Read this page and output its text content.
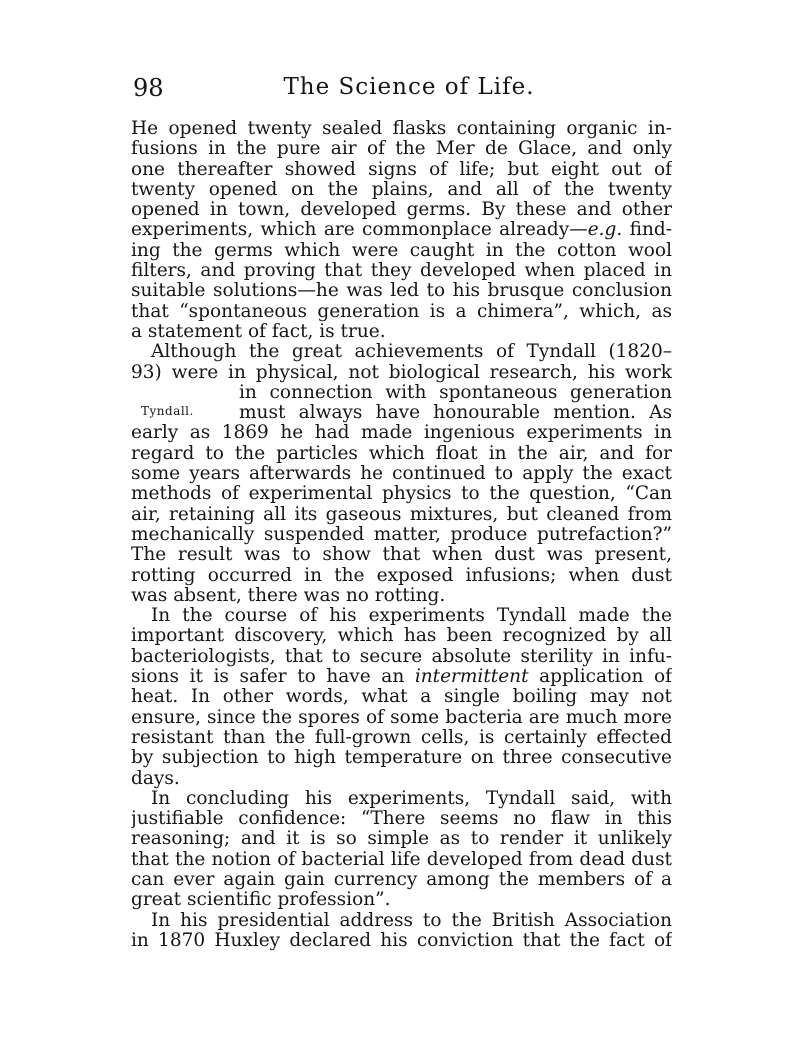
98	The Science of Life.
Tyndall.
He opened twenty sealed flasks containing organic in-
fusions in the pure air of the Mer de Glace, and only
one thereafter showed signs of life; but eight out of
twenty opened on the plains, and all of the twenty
opened in town, developed germs. By these and other
experiments, which are commonplace already—e.g. find-
ing the germs which were caught in the cotton wool
filters, and proving that they developed when placed in
suitable solutions—he was led to his brusque conclusion
that “spontaneous generation is a chimera”, which, as
a statement of fact, is true.
Although the great achievements of Tyndall (1820–
93) were in physical, not biological research, his work
in connection with spontaneous generation
must always have honourable mention. As
early as 1869 he had made ingenious experiments in
regard to the particles which float in the air, and for
some years afterwards he continued to apply the exact
methods of experimental physics to the question, “Can
air, retaining all its gaseous mixtures, but cleaned from
mechanically suspended matter, produce putrefaction?”
The result was to show that when dust was present,
rotting occurred in the exposed infusions; when dust
was absent, there was no rotting.
In the course of his experiments Tyndall made the
important discovery, which has been recognized by all
bacteriologists, that to secure absolute sterility in infu-
sions it is safer to have an intermittent application of
heat. In other words, what a single boiling may not
ensure, since the spores of some bacteria are much more
resistant than the full-grown cells, is certainly effected
by subjection to high temperature on three consecutive
days.
In concluding his experiments, Tyndall said, with
justifiable confidence: “There seems no flaw in this
reasoning; and it is so simple as to render it unlikely
that the notion of bacterial life developed from dead dust
can ever again gain currency among the members of a
great scientific profession”.
In his presidential address to the British Association
in 1870 Huxley declared his conviction that the fact of
